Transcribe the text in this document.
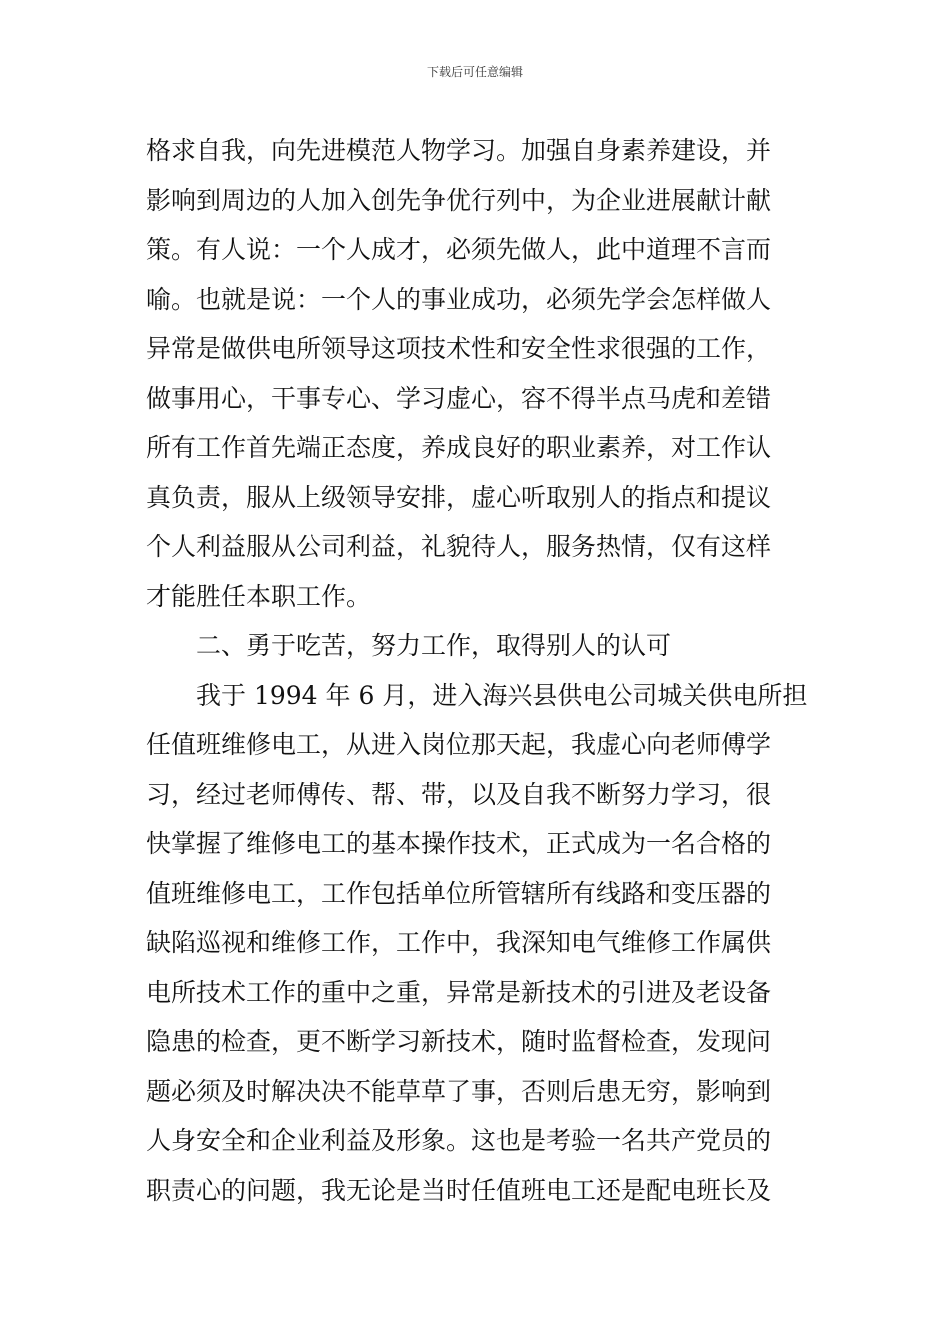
下载后可任意编辑
格求自我，向先进模范人物学习。加强自身素养建设，并
影响到周边的人加入创先争优行列中，为企业进展献计献
策。有人说：一个人成才，必须先做人，此中道理不言而
喻。也就是说：一个人的事业成功，必须先学会怎样做人
异常是做供电所领导这项技术性和安全性求很强的工作，
做事用心，干事专心、学习虚心，容不得半点马虎和差错
所有工作首先端正态度，养成良好的职业素养，对工作认
真负责，服从上级领导安排，虚心听取别人的指点和提议
个人利益服从公司利益，礼貌待人，服务热情，仅有这样
才能胜任本职工作。
二、勇于吃苦，努力工作，取得别人的认可
我于 1994 年 6 月，进入海兴县供电公司城关供电所担
任值班维修电工，从进入岗位那天起，我虚心向老师傅学
习，经过老师傅传、帮、带，以及自我不断努力学习，很
快掌握了维修电工的基本操作技术，正式成为一名合格的
值班维修电工，工作包括单位所管辖所有线路和变压器的
缺陷巡视和维修工作，工作中，我深知电气维修工作属供
电所技术工作的重中之重，异常是新技术的引进及老设备
隐患的检查，更不断学习新技术，随时监督检查，发现问
题必须及时解决决不能草草了事，否则后患无穷，影响到
人身安全和企业利益及形象。这也是考验一名共产党员的
职责心的问题，我无论是当时任值班电工还是配电班长及
